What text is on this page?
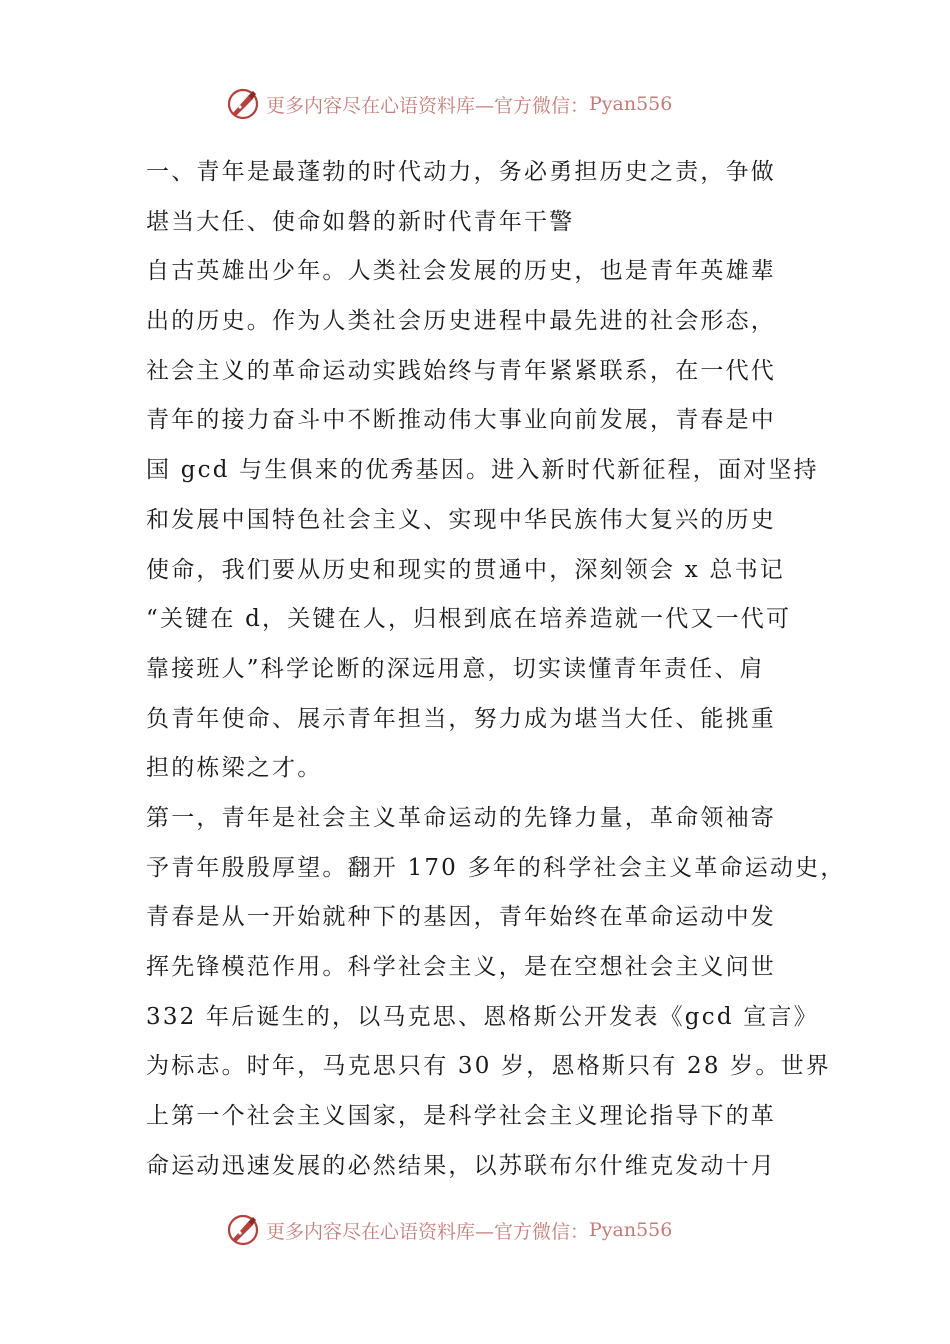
更多内容尽在心语资料库—官方微信： Pyan556
一、青年是最蓬勃的时代动力，务必勇担历史之责，争做
堪当大任、使命如磐的新时代青年干警
自古英雄出少年。人类社会发展的历史，也是青年英雄辈
出的历史。作为人类社会历史进程中最先进的社会形态，
社会主义的革命运动实践始终与青年紧紧联系，在一代代
青年的接力奋斗中不断推动伟大事业向前发展，青春是中
国 gcd 与生俱来的优秀基因。进入新时代新征程，面对坚持
和发展中国特色社会主义、实现中华民族伟大复兴的历史
使命，我们要从历史和现实的贯通中，深刻领会 x 总书记
“关键在 d，关键在人，归根到底在培养造就一代又一代可
靠接班人”科学论断的深远用意，切实读懂青年责任、肩
负青年使命、展示青年担当，努力成为堪当大任、能挑重
担的栋梁之才。
第一，青年是社会主义革命运动的先锋力量，革命领袖寄
予青年殷殷厚望。翻开 170 多年的科学社会主义革命运动史，
青春是从一开始就种下的基因，青年始终在革命运动中发
挥先锋模范作用。科学社会主义，是在空想社会主义问世
332 年后诞生的，以马克思、恩格斯公开发表《gcd 宣言》
为标志。时年，马克思只有 30 岁，恩格斯只有 28 岁。世界
上第一个社会主义国家，是科学社会主义理论指导下的革
命运动迅速发展的必然结果，以苏联布尔什维克发动十月
更多内容尽在心语资料库—官方微信： Pyan556
